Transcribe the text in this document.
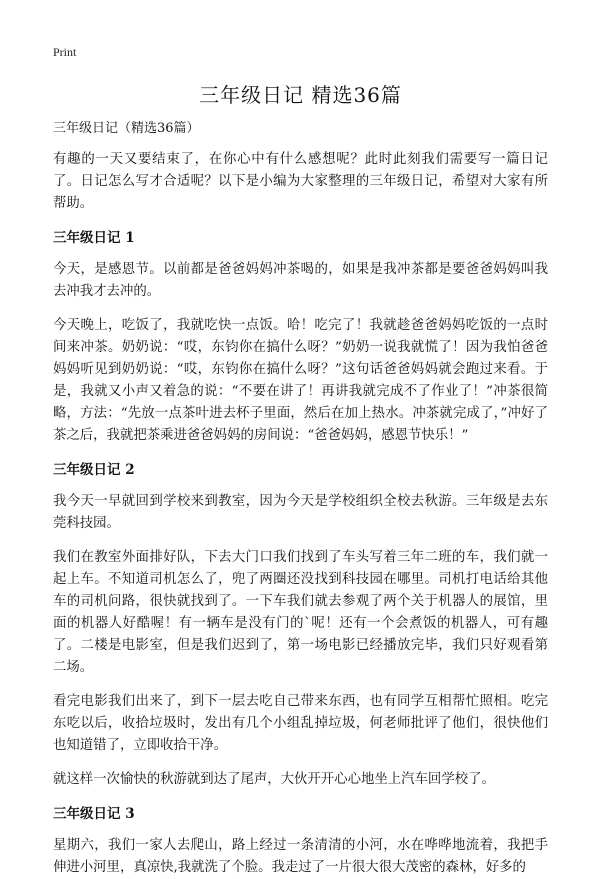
Print
三年级日记 精选36篇
三年级日记（精选36篇）

有趣的一天又要结束了，在你心中有什么感想呢？此时此刻我们需要写一篇日记了。日记怎么写才合适呢？以下是小编为大家整理的三年级日记，希望对大家有所帮助。

三年级日记 1

今天，是感恩节。以前都是爸爸妈妈冲茶喝的，如果是我冲茶都是要爸爸妈妈叫我去冲我才去冲的。

今天晚上，吃饭了，我就吃快一点饭。哈！吃完了！我就趁爸爸妈妈吃饭的一点时间来冲茶。奶奶说：“哎，东钧你在搞什么呀？”奶奶一说我就慌了！因为我怕爸爸妈妈听见到奶奶说：“哎，东钧你在搞什么呀？”这句话爸爸妈妈就会跑过来看。于是，我就又小声又着急的说：“不要在讲了！再讲我就完成不了作业了！”冲茶很简略，方法：“先放一点茶叶进去杯子里面，然后在加上热水。冲茶就完成了，”冲好了茶之后，我就把茶乘进爸爸妈妈的房间说：“爸爸妈妈，感恩节快乐！”

三年级日记 2

我今天一早就回到学校来到教室，因为今天是学校组织全校去秋游。三年级是去东莞科技园。

我们在教室外面排好队，下去大门口我们找到了车头写着三年二班的车，我们就一起上车。不知道司机怎么了，兜了两圈还没找到科技园在哪里。司机打电话给其他车的司机问路，很快就找到了。一下车我们就去参观了两个关于机器人的展馆，里面的机器人好酷喔！有一辆车是没有门的`呢！还有一个会煮饭的机器人，可有趣了。二楼是电影室，但是我们迟到了，第一场电影已经播放完毕，我们只好观看第二场。

看完电影我们出来了，到下一层去吃自己带来东西，也有同学互相帮忙照相。吃完东吃以后，收拾垃圾时，发出有几个小组乱掉垃圾，何老师批评了他们，很快他们也知道错了，立即收拾干净。

就这样一次愉快的秋游就到达了尾声，大伙开开心心地坐上汽车回学校了。

三年级日记 3

星期六，我们一家人去爬山，路上经过一条清清的小河，水在哗哗地流着，我把手伸进小河里，真凉快,我就洗了个脸。我走过了一片很大很大茂密的森林，好多的
